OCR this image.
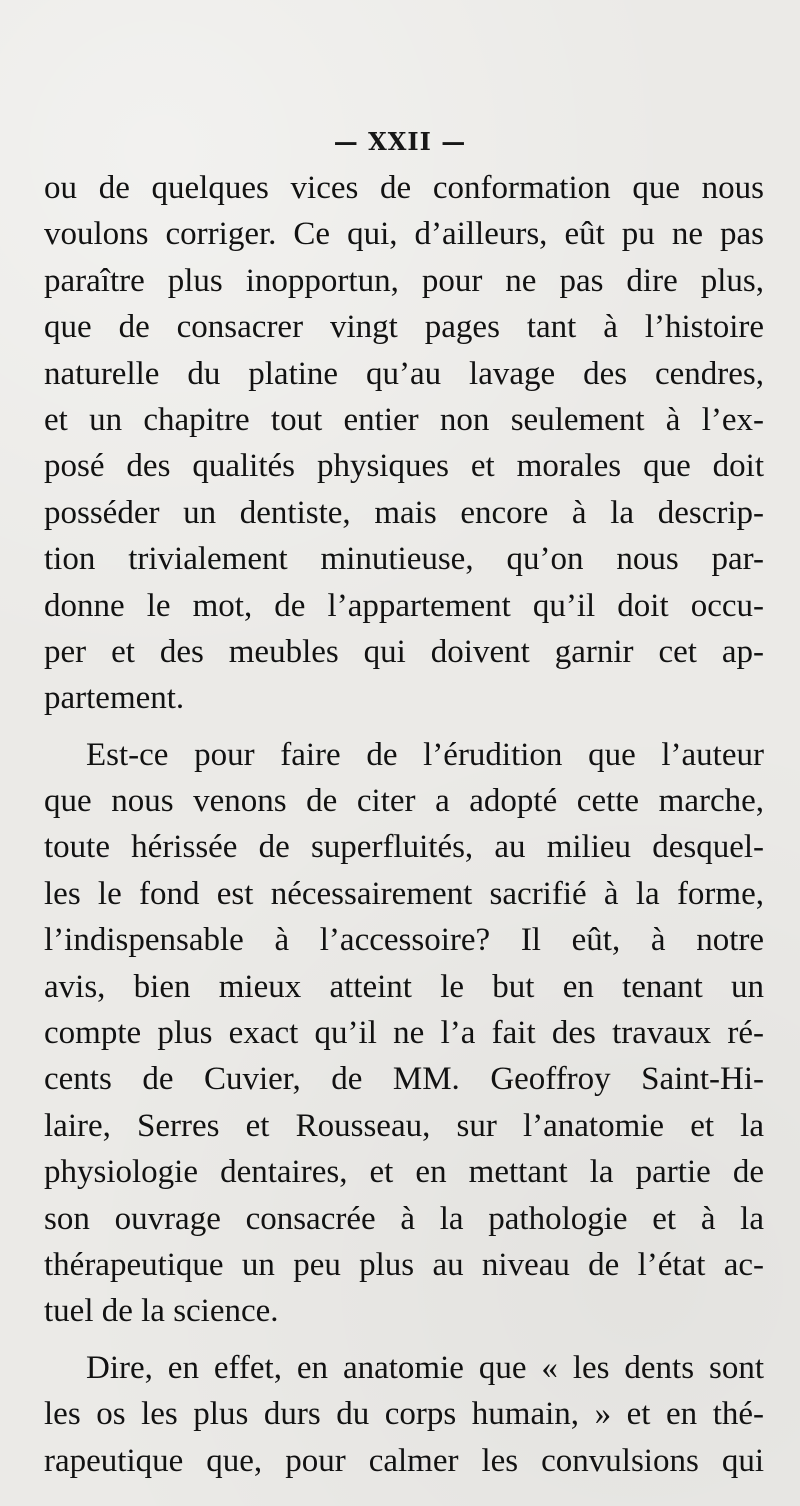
— XXII —
ou de quelques vices de conformation que nous
voulons corriger. Ce qui, d’ailleurs, eût pu ne pas
paraître plus inopportun, pour ne pas dire plus,
que de consacrer vingt pages tant à l’histoire
naturelle du platine qu’au lavage des cendres,
et un chapitre tout entier non seulement à l’ex-
posé des qualités physiques et morales que doit
posséder un dentiste, mais encore à la descrip-
tion trivialement minutieuse, qu’on nous par-
donne le mot, de l’appartement qu’il doit occu-
per et des meubles qui doivent garnir cet ap-
partement.
Est-ce pour faire de l’érudition que l’auteur
que nous venons de citer a adopté cette marche,
toute hérissée de superfluités, au milieu desquel-
les le fond est nécessairement sacrifié à la forme,
l’indispensable à l’accessoire? Il eût, à notre
avis, bien mieux atteint le but en tenant un
compte plus exact qu’il ne l’a fait des travaux ré-
cents de Cuvier, de MM. Geoffroy Saint-Hi-
laire, Serres et Rousseau, sur l’anatomie et la
physiologie dentaires, et en mettant la partie de
son ouvrage consacrée à la pathologie et à la
thérapeutique un peu plus au niveau de l’état ac-
tuel de la science.
Dire, en effet, en anatomie que « les dents sont
les os les plus durs du corps humain, » et en thé-
rapeutique que, pour calmer les convulsions qui
